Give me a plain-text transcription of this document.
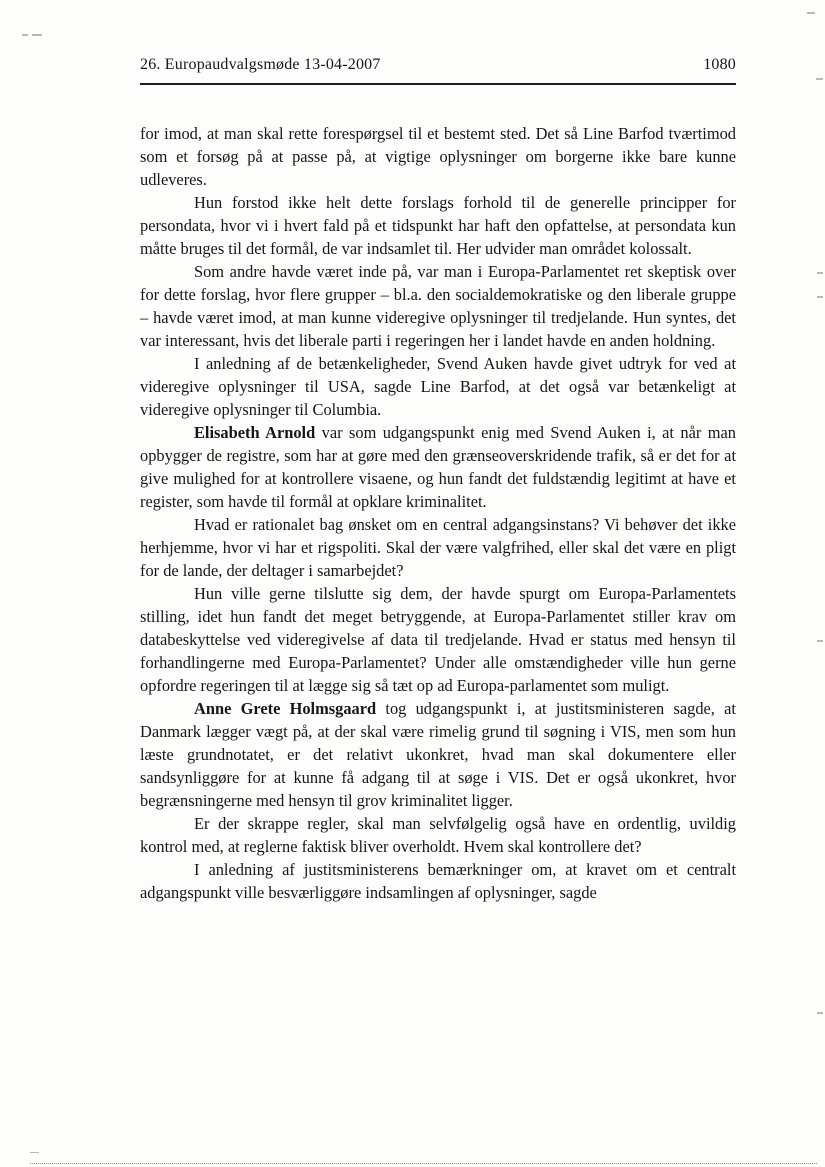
26. Europaudvalgsmøde 13-04-2007	1080

for imod, at man skal rette forespørgsel til et bestemt sted. Det så Line Barfod tværtimod som et forsøg på at passe på, at vigtige oplysninger om borgerne ikke bare kunne udleveres.

Hun forstod ikke helt dette forslags forhold til de generelle principper for persondata, hvor vi i hvert fald på et tidspunkt har haft den opfattelse, at persondata kun måtte bruges til det formål, de var indsamlet til. Her udvider man området kolossalt.

Som andre havde været inde på, var man i Europa-Parlamentet ret skeptisk over for dette forslag, hvor flere grupper – bl.a. den socialdemokratiske og den liberale gruppe – havde været imod, at man kunne videregive oplysninger til tredjelande. Hun syntes, det var interessant, hvis det liberale parti i regeringen her i landet havde en anden holdning.

I anledning af de betænkeligheder, Svend Auken havde givet udtryk for ved at videregive oplysninger til USA, sagde Line Barfod, at det også var betænkeligt at videregive oplysninger til Columbia.

Elisabeth Arnold var som udgangspunkt enig med Svend Auken i, at når man opbygger de registre, som har at gøre med den grænseoverskridende trafik, så er det for at give mulighed for at kontrollere visaene, og hun fandt det fuldstændig legitimt at have et register, som havde til formål at opklare kriminalitet.

Hvad er rationalet bag ønsket om en central adgangsinstans? Vi behøver det ikke herhjemme, hvor vi har et rigspoliti. Skal der være valgfrihed, eller skal det være en pligt for de lande, der deltager i samarbejdet?

Hun ville gerne tilslutte sig dem, der havde spurgt om Europa-Parlamentets stilling, idet hun fandt det meget betryggende, at Europa-Parlamentet stiller krav om databeskyttelse ved videregivelse af data til tredjelande. Hvad er status med hensyn til forhandlingerne med Europa-Parlamentet? Under alle omstændigheder ville hun gerne opfordre regeringen til at lægge sig så tæt op ad Europa-parlamentet som muligt.

Anne Grete Holmsgaard tog udgangspunkt i, at justitsministeren sagde, at Danmark lægger vægt på, at der skal være rimelig grund til søgning i VIS, men som hun læste grundnotatet, er det relativt ukonkret, hvad man skal dokumentere eller sandsynliggøre for at kunne få adgang til at søge i VIS. Det er også ukonkret, hvor begrænsningerne med hensyn til grov kriminalitet ligger.

Er der skrappe regler, skal man selvfølgelig også have en ordentlig, uvildig kontrol med, at reglerne faktisk bliver overholdt. Hvem skal kontrollere det?

I anledning af justitsministerens bemærkninger om, at kravet om et centralt adgangspunkt ville besværliggøre indsamlingen af oplysninger, sagde
